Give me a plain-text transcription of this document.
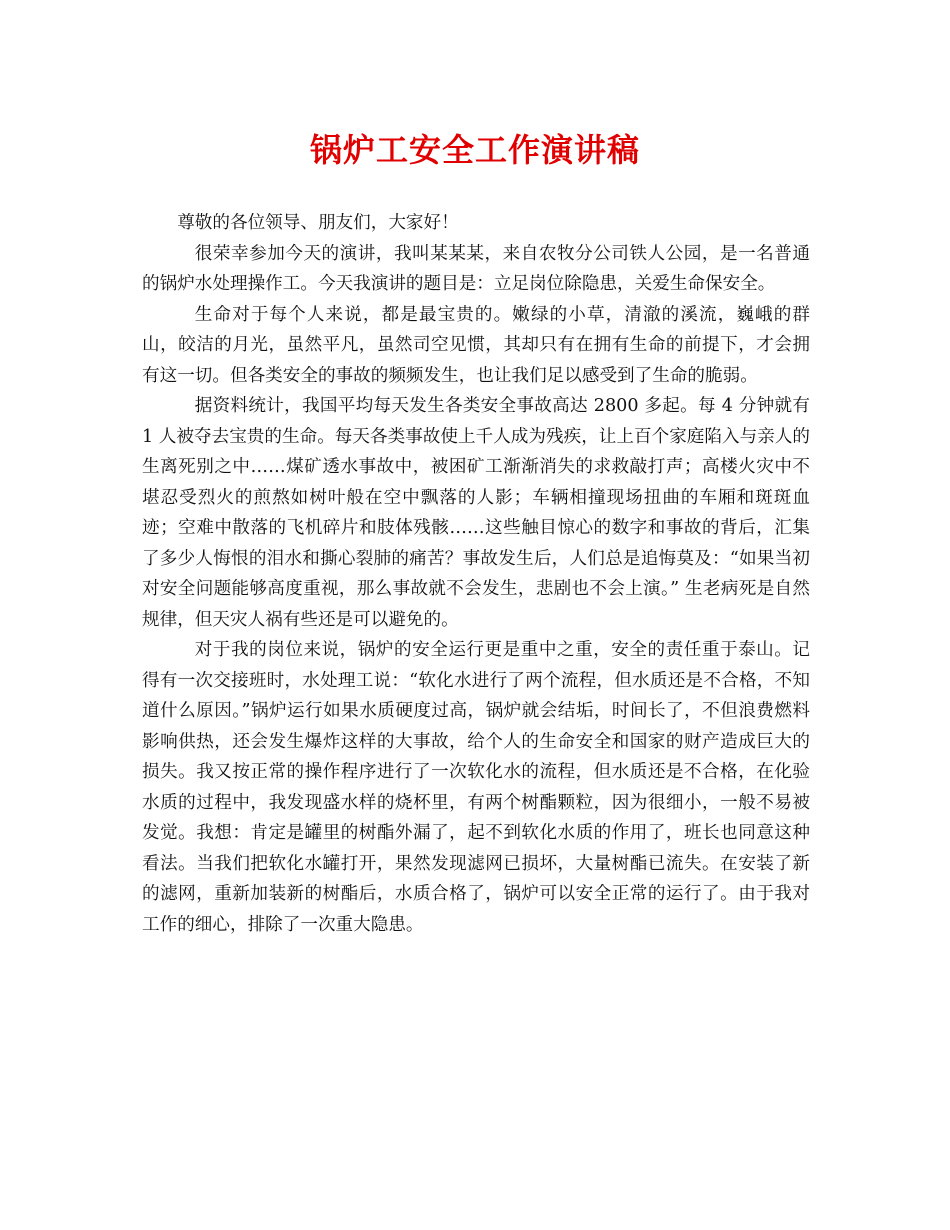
锅炉工安全工作演讲稿

尊敬的各位领导、朋友们，大家好！

很荣幸参加今天的演讲，我叫某某某，来自农牧分公司铁人公园，是一名普通的锅炉水处理操作工。今天我演讲的题目是：立足岗位除隐患，关爱生命保安全。

生命对于每个人来说，都是最宝贵的。嫩绿的小草，清澈的溪流，巍峨的群山，皎洁的月光，虽然平凡，虽然司空见惯，其却只有在拥有生命的前提下，才会拥有这一切。但各类安全的事故的频频发生，也让我们足以感受到了生命的脆弱。

据资料统计，我国平均每天发生各类安全事故高达 2800 多起。每 4 分钟就有 1 人被夺去宝贵的生命。每天各类事故使上千人成为残疾，让上百个家庭陷入与亲人的生离死别之中……煤矿透水事故中，被困矿工渐渐消失的求救敲打声；高楼火灾中不堪忍受烈火的煎熬如树叶般在空中飘落的人影；车辆相撞现场扭曲的车厢和斑斑血迹；空难中散落的飞机碎片和肢体残骸……这些触目惊心的数字和事故的背后，汇集了多少人悔恨的泪水和撕心裂肺的痛苦？事故发生后，人们总是追悔莫及：“如果当初对安全问题能够高度重视，那么事故就不会发生，悲剧也不会上演。” 生老病死是自然规律，但天灾人祸有些还是可以避免的。

对于我的岗位来说，锅炉的安全运行更是重中之重，安全的责任重于泰山。记得有一次交接班时，水处理工说：“软化水进行了两个流程，但水质还是不合格，不知道什么原因。”锅炉运行如果水质硬度过高，锅炉就会结垢，时间长了，不但浪费燃料影响供热，还会发生爆炸这样的大事故，给个人的生命安全和国家的财产造成巨大的损失。我又按正常的操作程序进行了一次软化水的流程，但水质还是不合格，在化验水质的过程中，我发现盛水样的烧杯里，有两个树酯颗粒，因为很细小，一般不易被发觉。我想：肯定是罐里的树酯外漏了，起不到软化水质的作用了，班长也同意这种看法。当我们把软化水罐打开，果然发现滤网已损坏，大量树酯已流失。在安装了新的滤网，重新加装新的树酯后，水质合格了，锅炉可以安全正常的运行了。由于我对工作的细心，排除了一次重大隐患。
